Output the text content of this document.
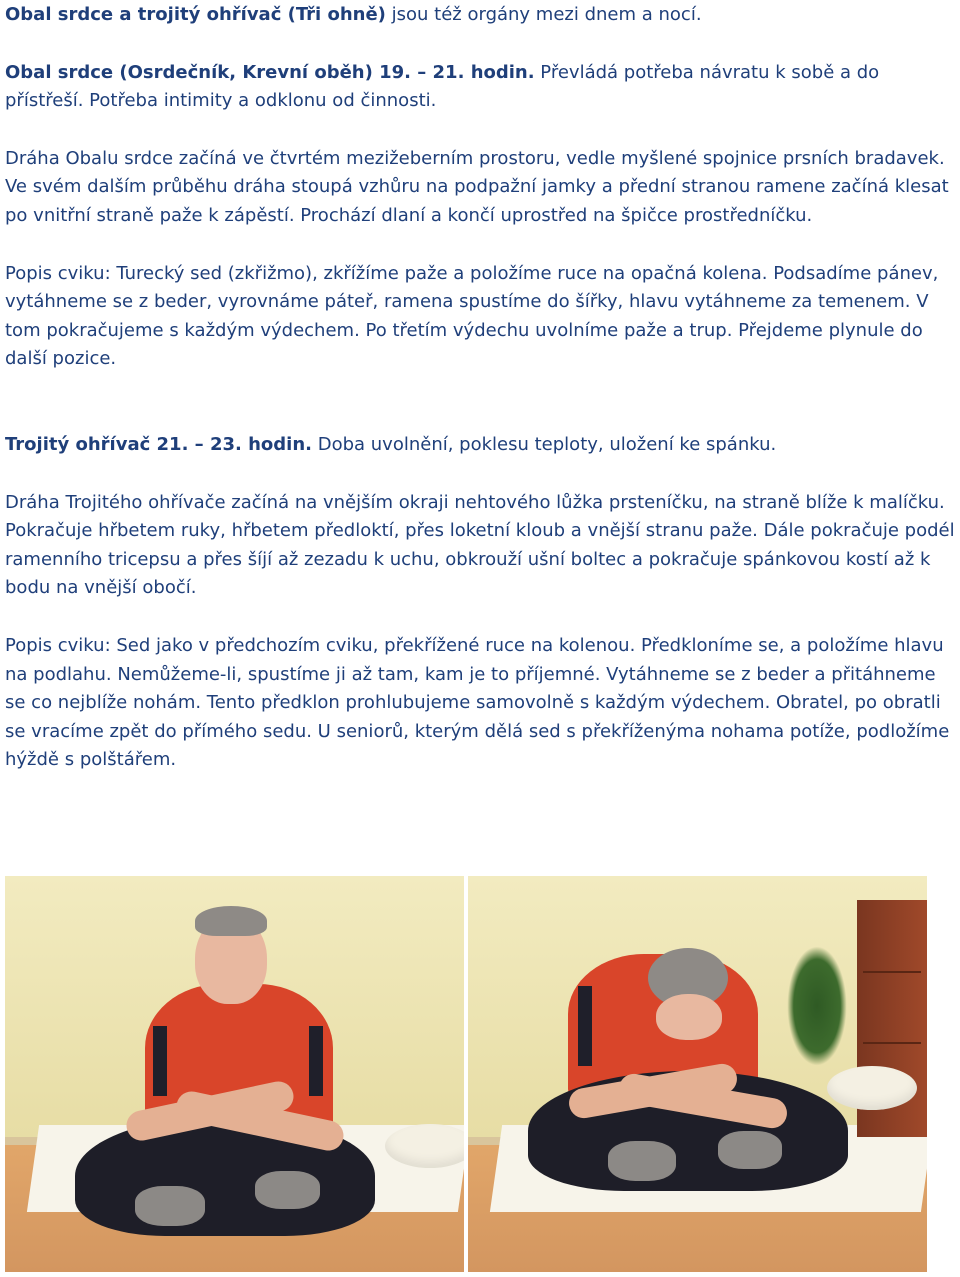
Obal srdce a trojitý ohřívač (Tři ohně) jsou též orgány mezi dnem a nocí.

Obal srdce (Osrdečník, Krevní oběh) 19. – 21. hodin. Převládá potřeba návratu k sobě a do přístřeší. Potřeba intimity a odklonu od činnosti.

Dráha Obalu srdce začíná ve čtvrtém mezižeberním prostoru, vedle myšlené spojnice prsních bradavek. Ve svém dalším průběhu dráha stoupá vzhůru na podpažní jamky a přední stranou ramene začíná klesat po vnitřní straně paže k zápěstí. Prochází dlaní a končí uprostřed na špičce prostředníčku.

Popis cviku: Turecký sed (zkřižmo), zkřížíme paže a položíme ruce na opačná kolena. Podsadíme pánev, vytáhneme se z beder, vyrovnáme páteř, ramena spustíme do šířky, hlavu vytáhneme za temenem. V tom pokračujeme s každým výdechem. Po třetím výdechu uvolníme paže a trup. Přejdeme plynule do další pozice.

Trojitý ohřívač 21. – 23. hodin. Doba uvolnění, poklesu teploty, uložení ke spánku.

Dráha Trojitého ohřívače začíná na vnějším okraji nehtového lůžka prsteníčku, na straně blíže k malíčku. Pokračuje hřbetem ruky, hřbetem předloktí, přes loketní kloub a vnější stranu paže. Dále pokračuje podél ramenního tricepsu a přes šíjí až zezadu k uchu, obkrouží ušní boltec a pokračuje spánkovou kostí až k bodu na vnější obočí.

Popis cviku: Sed jako v předchozím cviku, překřížené ruce na kolenou. Předkloníme se, a položíme hlavu na podlahu. Nemůžeme-li, spustíme ji až tam, kam je to příjemné. Vytáhneme se z beder a přitáhneme se co nejblíže nohám. Tento předklon prohlubujeme samovolně s každým výdechem. Obratel, po obratli se vracíme zpět do přímého sedu. U seniorů, kterým dělá sed s překříženýma nohama potíže, podložíme hýždě s polštářem.
